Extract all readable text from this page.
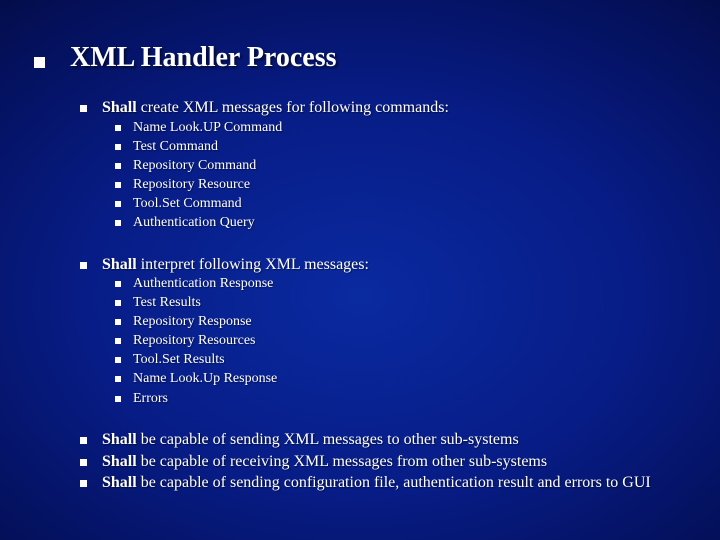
XML Handler Process
Shall create XML messages for following commands:
Name Look.UP Command
Test Command
Repository Command
Repository Resource
Tool.Set Command
Authentication Query
Shall interpret following XML messages:
Authentication Response
Test Results
Repository Response
Repository Resources
Tool.Set Results
Name Look.Up Response
Errors
Shall be capable of sending XML messages to other sub-systems
Shall be capable of receiving XML messages from other sub-systems
Shall be capable of sending configuration file, authentication result and errors to GUI
